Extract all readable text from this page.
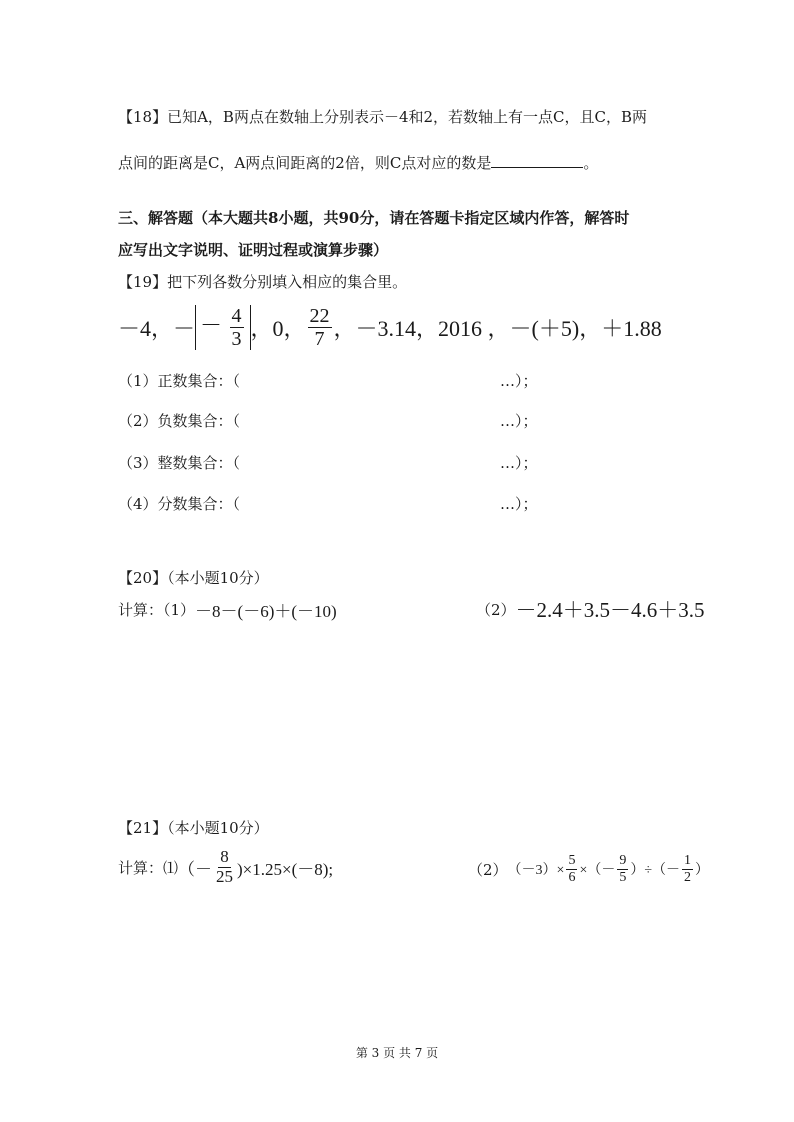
【18】已知A，B两点在数轴上分别表示－4和2，若数轴上有一点C，且C，B两
点间的距离是C，A两点间距离的2倍，则C点对应的数是	。
三、解答题（本大题共8小题，共90分，请在答题卡指定区域内作答，解答时
应写出文字说明、证明过程或演算步骤）
【19】把下列各数分别填入相应的集合里。
－4，－ － $\frac{4}{3}$ ，0， $\frac{22}{7}$ ，－3.14，2016 ，－(＋5)，＋1.88
（1）正数集合：（	…）；
（2）负数集合：（	…）；
（3）整数集合：（	…）；
（4）分数集合：（	…）；
【20】（本小题10分）
计算：（1） －8－(－6)＋(－10)	（2） －2.4＋3.5－4.6＋3.5
【21】（本小题10分）
计算：⑴ （－ $\frac{8}{25} )\times 1.25\times(-8)$;	（2） $(-3)\times \frac{5}{6}$ ×（－ $\frac{9}{5}$ ）÷（－ $\frac{1}{2}$ ）
第 3 页 共 7 页
